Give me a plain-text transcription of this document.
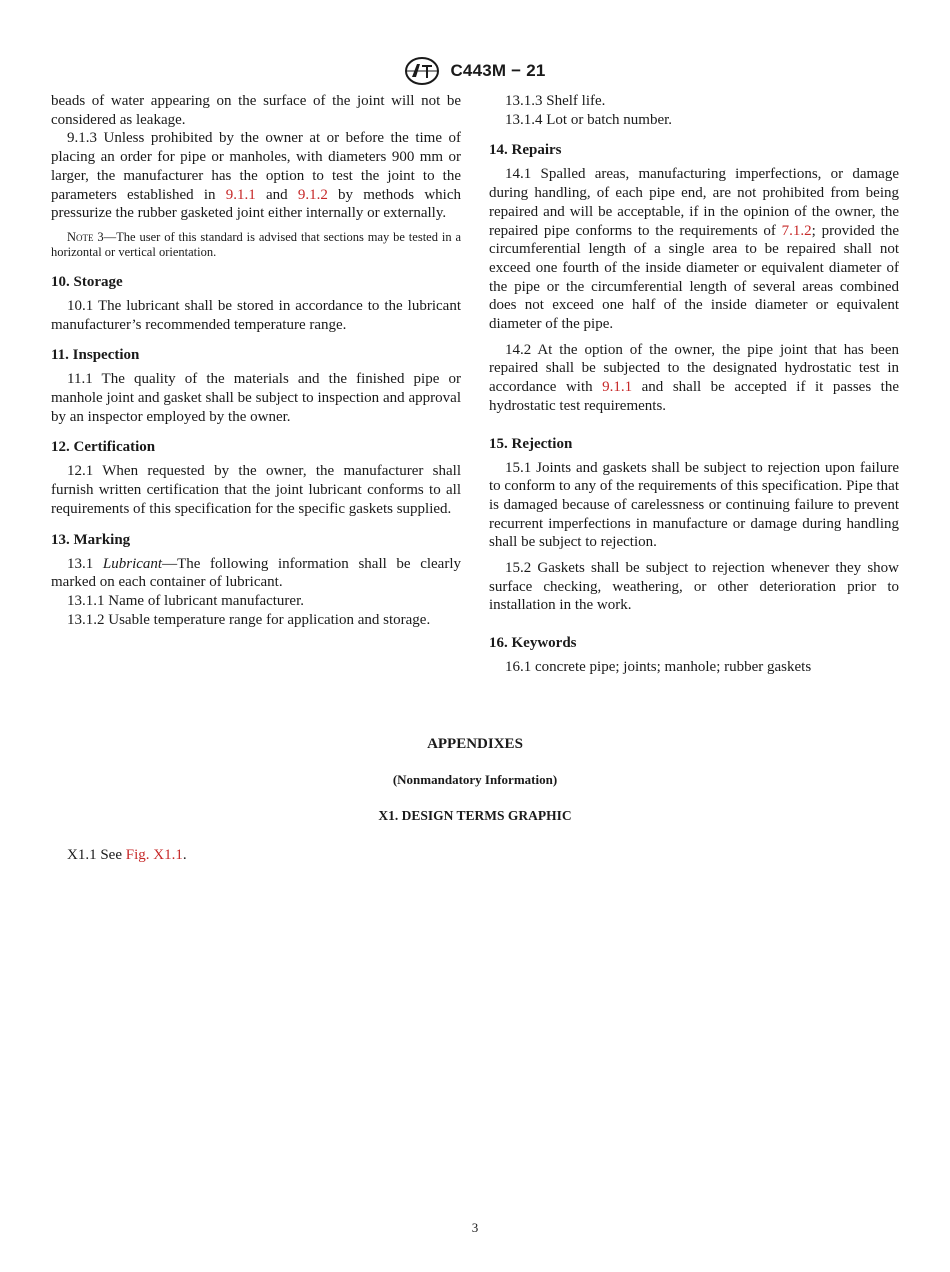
C443M − 21

beads of water appearing on the surface of the joint will not be considered as leakage.

9.1.3 Unless prohibited by the owner at or before the time of placing an order for pipe or manholes, with diameters 900 mm or larger, the manufacturer has the option to test the joint to the parameters established in 9.1.1 and 9.1.2 by methods which pressurize the rubber gasketed joint either internally or externally.

Note 3—The user of this standard is advised that sections may be tested in a horizontal or vertical orientation.
10. Storage

10.1 The lubricant shall be stored in accordance to the lubricant manufacturer’s recommended temperature range.

11. Inspection

11.1 The quality of the materials and the finished pipe or manhole joint and gasket shall be subject to inspection and approval by an inspector employed by the owner.

12. Certification

12.1 When requested by the owner, the manufacturer shall furnish written certification that the joint lubricant conforms to all requirements of this specification for the specific gaskets supplied.

13. Marking

13.1 Lubricant—The following information shall be clearly marked on each container of lubricant.

13.1.1 Name of lubricant manufacturer.

13.1.2 Usable temperature range for application and storage.

13.1.3 Shelf life.

13.1.4 Lot or batch number.

14. Repairs

14.1 Spalled areas, manufacturing imperfections, or damage during handling, of each pipe end, are not prohibited from being repaired and will be acceptable, if in the opinion of the owner, the repaired pipe conforms to the requirements of 7.1.2; provided the circumferential length of a single area to be repaired shall not exceed one fourth of the inside diameter or equivalent diameter of the pipe or the circumferential length of several areas combined does not exceed one half of the inside diameter or equivalent diameter of the pipe.

14.2 At the option of the owner, the pipe joint that has been repaired shall be subjected to the designated hydrostatic test in accordance with 9.1.1 and shall be accepted if it passes the hydrostatic test requirements.

15. Rejection

15.1 Joints and gaskets shall be subject to rejection upon failure to conform to any of the requirements of this specification. Pipe that is damaged because of carelessness or continuing failure to prevent recurrent imperfections in manufacture or damage during handling shall be subject to rejection.

15.2 Gaskets shall be subject to rejection whenever they show surface checking, weathering, or other deterioration prior to installation in the work.

16. Keywords

16.1 concrete pipe; joints; manhole; rubber gaskets

APPENDIXES
(Nonmandatory Information)
X1. DESIGN TERMS GRAPHIC
X1.1 See Fig. X1.1.
3
